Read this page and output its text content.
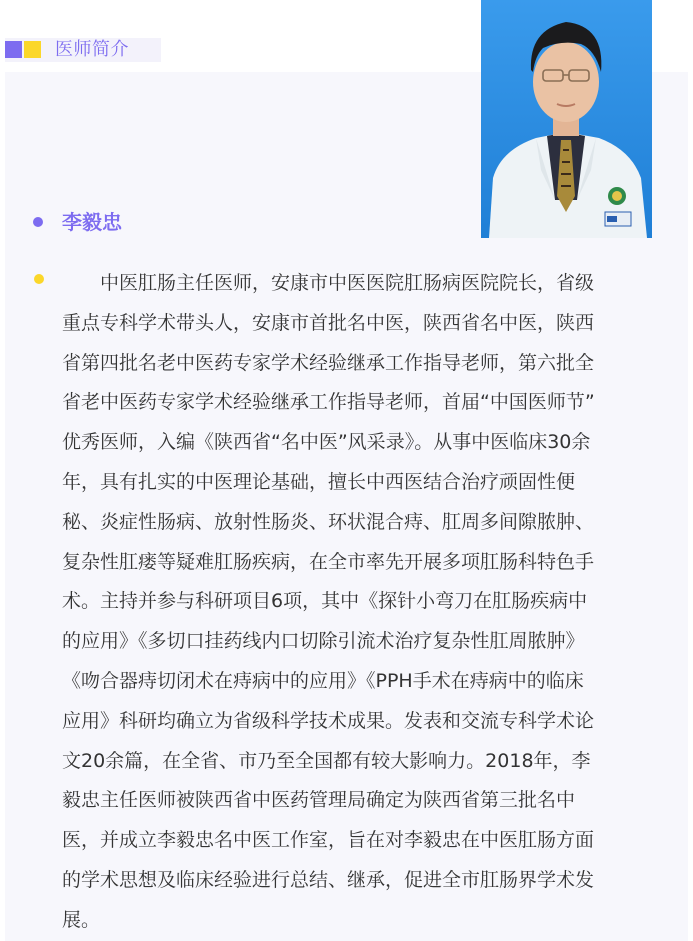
医师简介
李毅忠
　　中医肛肠主任医师，安康市中医医院肛肠病医院院长，省级
重点专科学术带头人，安康市首批名中医，陕西省名中医，陕西
省第四批名老中医药专家学术经验继承工作指导老师，第六批全
省老中医药专家学术经验继承工作指导老师，首届“中国医师节”
优秀医师，入编《陕西省“名中医”风采录》。从事中医临床30余
年，具有扎实的中医理论基础，擅长中西医结合治疗顽固性便
秘、炎症性肠病、放射性肠炎、环状混合痔、肛周多间隙脓肿、
复杂性肛瘘等疑难肛肠疾病，在全市率先开展多项肛肠科特色手
术。主持并参与科研项目6项，其中《探针小弯刀在肛肠疾病中
的应用》《多切口挂药线内口切除引流术治疗复杂性肛周脓肿》
《吻合器痔切闭术在痔病中的应用》《PPH手术在痔病中的临床
应用》科研均确立为省级科学技术成果。发表和交流专科学术论
文20余篇，在全省、市乃至全国都有较大影响力。2018年，李
毅忠主任医师被陕西省中医药管理局确定为陕西省第三批名中
医，并成立李毅忠名中医工作室，旨在对李毅忠在中医肛肠方面
的学术思想及临床经验进行总结、继承，促进全市肛肠界学术发
展。
